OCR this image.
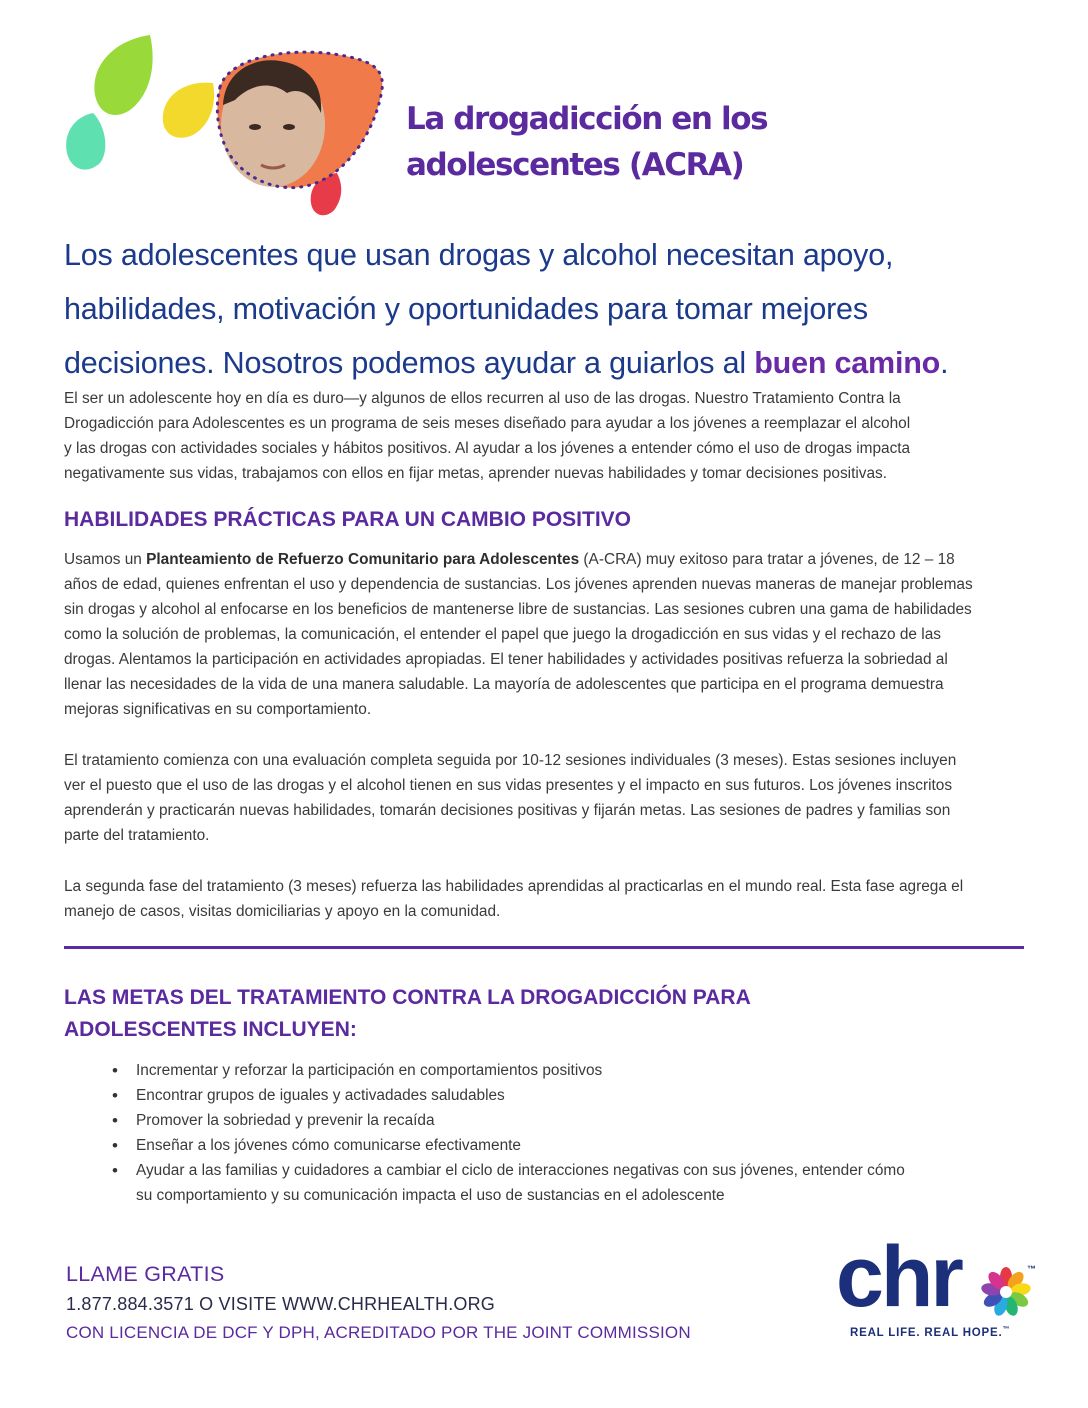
La drogadicción en los
adolescentes (ACRA)
Los adolescentes que usan drogas y alcohol necesitan apoyo,
habilidades, motivación y oportunidades para tomar mejores
decisiones. Nosotros podemos ayudar a guiarlos al buen camino.
El ser un adolescente hoy en día es duro—y algunos de ellos recurren al uso de las drogas. Nuestro Tratamiento Contra la
Drogadicción para Adolescentes es un programa de seis meses diseñado para ayudar a los jóvenes a reemplazar el alcohol
y las drogas con actividades sociales y hábitos positivos. Al ayudar a los jóvenes a entender cómo el uso de drogas impacta
negativamente sus vidas, trabajamos con ellos en fijar metas, aprender nuevas habilidades y tomar decisiones positivas.
HABILIDADES PRÁCTICAS PARA UN CAMBIO POSITIVO
Usamos un Planteamiento de Refuerzo Comunitario para Adolescentes (A-CRA) muy exitoso para tratar a jóvenes, de 12 – 18
años de edad, quienes enfrentan el uso y dependencia de sustancias. Los jóvenes aprenden nuevas maneras de manejar problemas
sin drogas y alcohol al enfocarse en los beneficios de mantenerse libre de sustancias. Las sesiones cubren una gama de habilidades
como la solución de problemas, la comunicación, el entender el papel que juego la drogadicción en sus vidas y el rechazo de las
drogas. Alentamos la participación en actividades apropiadas. El tener habilidades y actividades positivas refuerza la sobriedad al
llenar las necesidades de la vida de una manera saludable. La mayoría de adolescentes que participa en el programa demuestra
mejoras significativas en su comportamiento.
El tratamiento comienza con una evaluación completa seguida por 10-12 sesiones individuales (3 meses). Estas sesiones incluyen
ver el puesto que el uso de las drogas y el alcohol tienen en sus vidas presentes y el impacto en sus futuros. Los jóvenes inscritos
aprenderán y practicarán nuevas habilidades, tomarán decisiones positivas y fijarán metas. Las sesiones de padres y familias son
parte del tratamiento.
La segunda fase del tratamiento (3 meses) refuerza las habilidades aprendidas al practicarlas en el mundo real. Esta fase agrega el
manejo de casos, visitas domiciliarias y apoyo en la comunidad.
LAS METAS DEL TRATAMIENTO CONTRA LA DROGADICCIÓN PARA
ADOLESCENTES INCLUYEN:
• Incrementar y reforzar la participación en comportamientos positivos
• Encontrar grupos de iguales y activadades saludables
• Promover la sobriedad y prevenir la recaída
• Enseñar a los jóvenes cómo comunicarse efectivamente
• Ayudar a las familias y cuidadores a cambiar el ciclo de interacciones negativas con sus jóvenes, entender cómo
su comportamiento y su comunicación impacta el uso de sustancias en el adolescente
LLAME GRATIS
1.877.884.3571 O VISITE WWW.CHRHEALTH.ORG
CON LICENCIA DE DCF Y DPH, ACREDITADO POR THE JOINT COMMISSION
chr	™
REAL LIFE. REAL HOPE.™
